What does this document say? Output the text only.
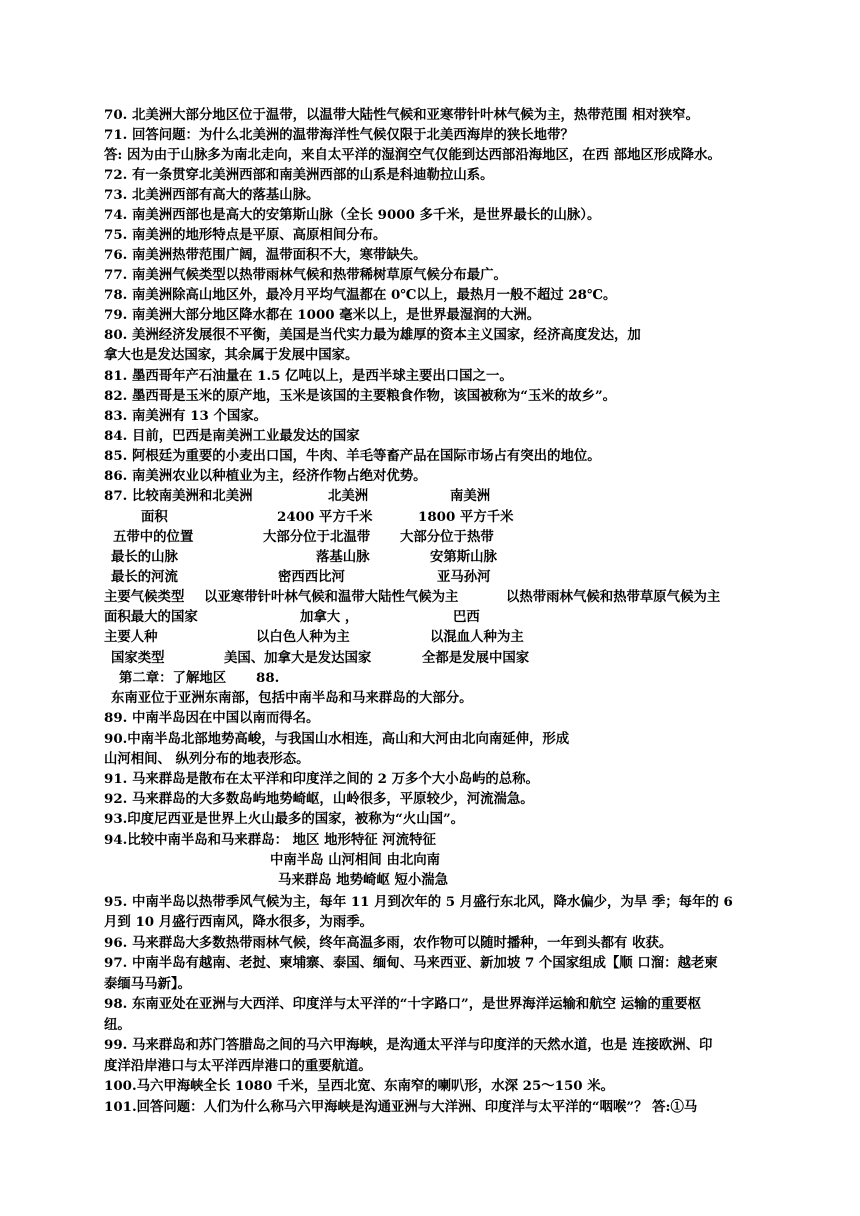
70. 北美洲大部分地区位于温带，以温带大陆性气候和亚寒带针叶林气候为主，热带范围 相对狭窄。
71. 回答问题：为什么北美洲的温带海洋性气候仅限于北美西海岸的狭长地带？
答: 因为由于山脉多为南北走向，来自太平洋的湿润空气仅能到达西部沿海地区，在西 部地区形成降水。
72. 有一条贯穿北美洲西部和南美洲西部的山系是科迪勒拉山系。
73. 北美洲西部有高大的落基山脉。
74. 南美洲西部也是高大的安第斯山脉（全长 9000 多千米，是世界最长的山脉）。
75. 南美洲的地形特点是平原、高原相间分布。
76. 南美洲热带范围广阔，温带面积不大，寒带缺失。
77. 南美洲气候类型以热带雨林气候和热带稀树草原气候分布最广。
78. 南美洲除高山地区外，最冷月平均气温都在 0℃以上，最热月一般不超过 28℃。
79. 南美洲大部分地区降水都在 1000 毫米以上，是世界最湿润的大洲。
80. 美洲经济发展很不平衡，美国是当代实力最为雄厚的资本主义国家，经济高度发达，加
拿大也是发达国家，其余属于发展中国家。
81. 墨西哥年产石油量在 1.5 亿吨以上，是西半球主要出口国之一。
82. 墨西哥是玉米的原产地，玉米是该国的主要粮食作物，该国被称为“玉米的故乡”。
83. 南美洲有 13 个国家。
84. 目前，巴西是南美洲工业最发达的国家
85. 阿根廷为重要的小麦出口国，牛肉、羊毛等畜产品在国际市场占有突出的地位。
86. 南美洲农业以种植业为主，经济作物占绝对优势。
87. 比较南美洲和北美洲	北美洲	南美洲
面积	2400 平方千米	1800 平方千米
五带中的位置	大部分位于北温带 大部分位于热带
最长的山脉	落基山脉	安第斯山脉
最长的河流	密西西比河	亚马孙河
主要气候类型 以亚寒带针叶林气候和温带大陆性气候为主	以热带雨林气候和热带草原气候为主
面积最大的国家	加拿大 ，	巴西
主要人种	以白色人种为主	以混血人种为主
国家类型	美国、加拿大是发达国家	全都是发展中国家
第二章：了解地区 88.
东南亚位于亚洲东南部，包括中南半岛和马来群岛的大部分。
89. 中南半岛因在中国以南而得名。
90.中南半岛北部地势高峻，与我国山水相连，高山和大河由北向南延伸，形成
山河相间、 纵列分布的地表形态。
91. 马来群岛是散布在太平洋和印度洋之间的 2 万多个大小岛屿的总称。
92. 马来群岛的大多数岛屿地势崎岖，山岭很多，平原较少，河流湍急。
93.印度尼西亚是世界上火山最多的国家，被称为“火山国”。
94.比较中南半岛和马来群岛： 地区 地形特征 河流特征
中南半岛 山河相间 由北向南
马来群岛 地势崎岖 短小湍急
95. 中南半岛以热带季风气候为主，每年 11 月到次年的 5 月盛行东北风，降水偏少，为旱 季；每年的 6
月到 10 月盛行西南风，降水很多，为雨季。
96. 马来群岛大多数热带雨林气候，终年高温多雨，农作物可以随时播种，一年到头都有 收获。
97. 中南半岛有越南、老挝、柬埔寨、泰国、缅甸、马来西亚、新加坡 7 个国家组成【顺 口溜：越老柬
泰缅马马新】。
98. 东南亚处在亚洲与大西洋、印度洋与太平洋的“十字路口”，是世界海洋运输和航空 运输的重要枢
纽。
99. 马来群岛和苏门答腊岛之间的马六甲海峡，是沟通太平洋与印度洋的天然水道，也是 连接欧洲、印
度洋沿岸港口与太平洋西岸港口的重要航道。
100.马六甲海峡全长 1080 千米，呈西北宽、东南窄的喇叭形，水深 25～150 米。
101.回答问题：人们为什么称马六甲海峡是沟通亚洲与大洋洲、印度洋与太平洋的“咽喉”？ 答:①马
